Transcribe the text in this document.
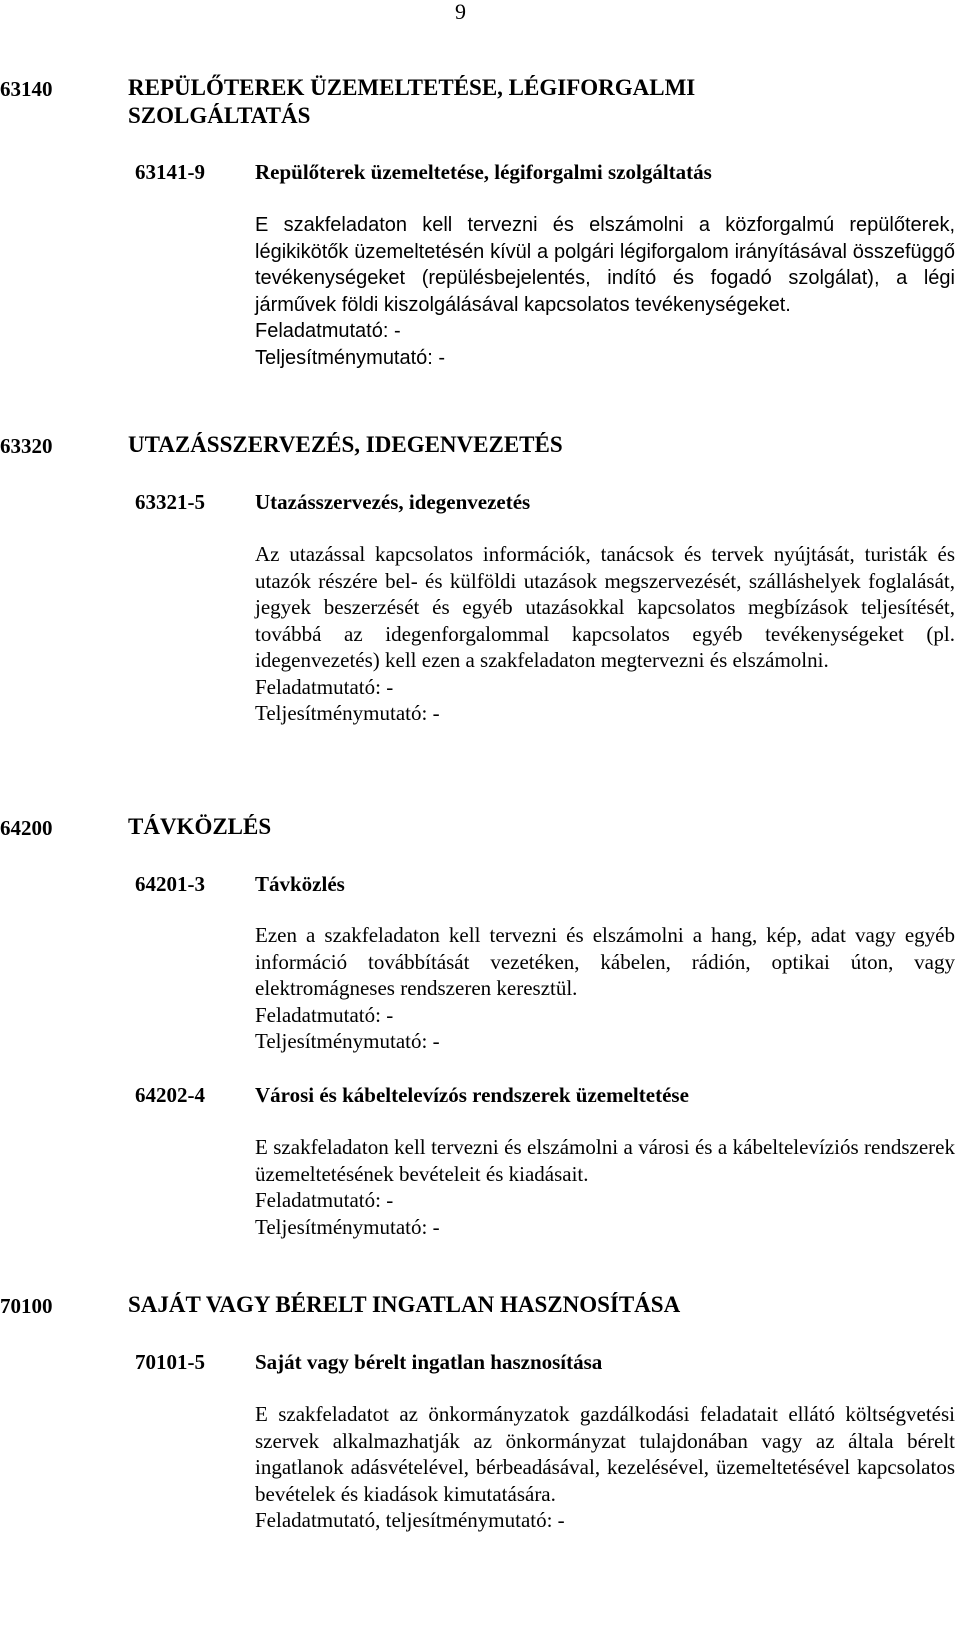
9
63140	REPÜLŐTEREK ÜZEMELTETÉSE, LÉGIFORGALMI SZOLGÁLTATÁS
63141-9 Repülőterek üzemeltetése, légiforgalmi szolgáltatás

E szakfeladaton kell tervezni és elszámolni a közforgalmú repülőterek, légikikötők üzemeltetésén kívül a polgári légiforgalom irányításával összefüggő tevékenységeket (repülésbejelentés, indító és fogadó szolgálat), a légi járművek földi kiszolgálásával kapcsolatos tevékenységeket.

Feladatmutató: -

Teljesítménymutató: -

63320	UTAZÁSSZERVEZÉS, IDEGENVEZETÉS
63321-5 Utazásszervezés, idegenvezetés

Az utazással kapcsolatos információk, tanácsok és tervek nyújtását, turisták és utazók részére bel- és külföldi utazások megszervezését, szálláshelyek foglalását, jegyek beszerzését és egyéb utazásokkal kapcsolatos megbízások teljesítését, továbbá az idegenforgalommal kapcsolatos egyéb tevékenységeket (pl. idegenvezetés) kell ezen a szakfeladaton megtervezni és elszámolni.

Feladatmutató: -

Teljesítménymutató: -

64200	TÁVKÖZLÉS
64201-3 Távközlés

Ezen a szakfeladaton kell tervezni és elszámolni a hang, kép, adat vagy egyéb információ továbbítását vezetéken, kábelen, rádión, optikai úton, vagy elektromágneses rendszeren keresztül.

Feladatmutató: -

Teljesítménymutató: -

64202-4 Városi és kábeltelevízós rendszerek üzemeltetése

E szakfeladaton kell tervezni és elszámolni a városi és a kábeltelevíziós rendszerek üzemeltetésének bevételeit és kiadásait.

Feladatmutató: -

Teljesítménymutató: -

70100	SAJÁT VAGY BÉRELT INGATLAN HASZNOSÍTÁSA
70101-5 Saját vagy bérelt ingatlan hasznosítása

E szakfeladatot az önkormányzatok gazdálkodási feladatait ellátó költségvetési szervek alkalmazhatják az önkormányzat tulajdonában vagy az általa bérelt ingatlanok adásvételével, bérbeadásával, kezelésével, üzemeltetésével kapcsolatos bevételek és kiadások kimutatására.

Feladatmutató, teljesítménymutató: -
